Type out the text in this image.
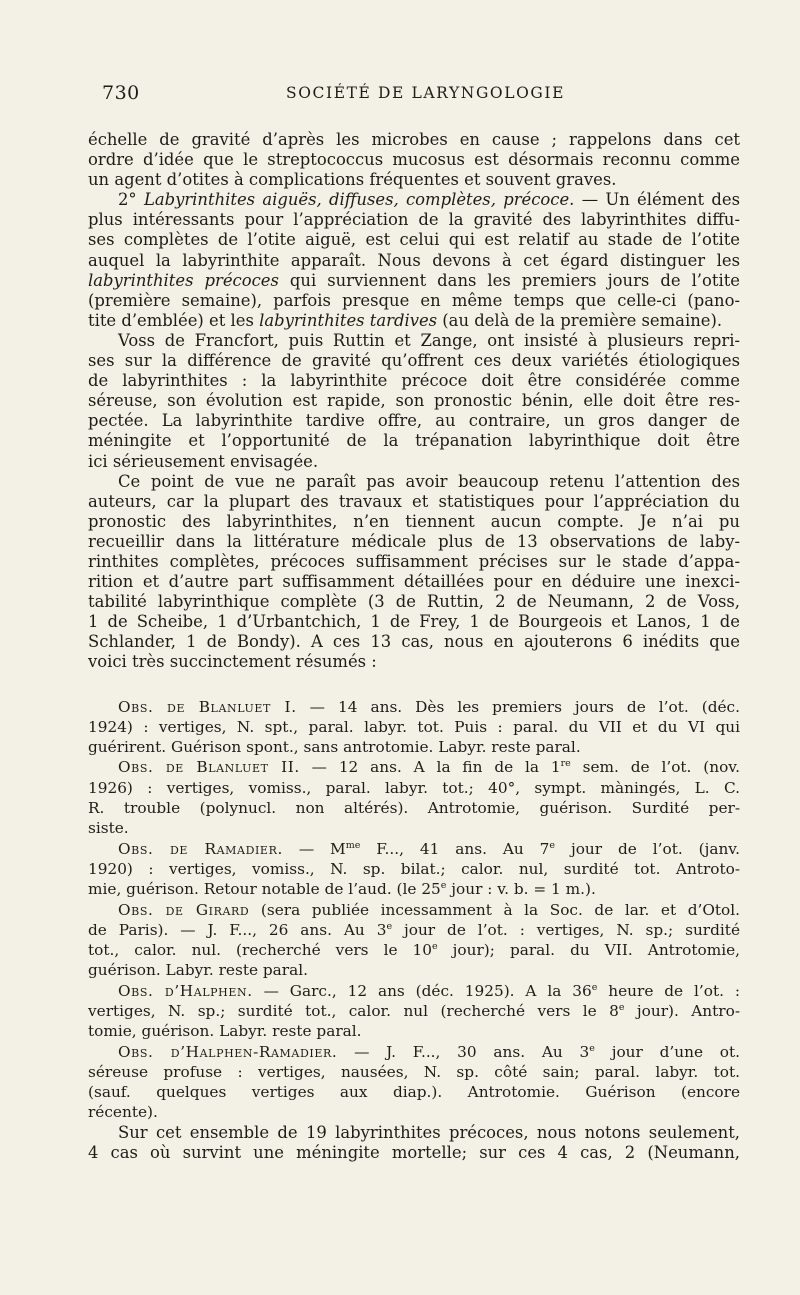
730	SOCIÉTÉ DE LARYNGOLOGIE

échelle de gravité d’après les microbes en cause ; rappelons dans cet
ordre d’idée que le streptococcus mucosus est désormais reconnu comme
un agent d’otites à complications fréquentes et souvent graves.

2° Labyrinthites aiguës, diffuses, complètes, précoce. — Un élément des
plus intéressants pour l’appréciation de la gravité des labyrinthites diffu-
ses complètes de l’otite aiguë, est celui qui est relatif au stade de l’otite
auquel la labyrinthite apparaît. Nous devons à cet égard distinguer les
labyrinthites précoces qui surviennent dans les premiers jours de l’otite
(première semaine), parfois presque en même temps que celle-ci (pano-
tite d’emblée) et les labyrinthites tardives (au delà de la première semaine).

Voss de Francfort, puis Ruttin et Zange, ont insisté à plusieurs repri-
ses sur la différence de gravité qu’offrent ces deux variétés étiologiques
de labyrinthites : la labyrinthite précoce doit être considérée comme
séreuse, son évolution est rapide, son pronostic bénin, elle doit être res-
pectée. La labyrinthite tardive offre, au contraire, un gros danger de
méningite et l’opportunité de la trépanation labyrinthique doit être
ici sérieusement envisagée.

Ce point de vue ne paraît pas avoir beaucoup retenu l’attention des
auteurs, car la plupart des travaux et statistiques pour l’appréciation du
pronostic des labyrinthites, n’en tiennent aucun compte. Je n’ai pu
recueillir dans la littérature médicale plus de 13 observations de laby-
rinthites complètes, précoces suffisamment précises sur le stade d’appa-
rition et d’autre part suffisamment détaillées pour en déduire une inexci-
tabilité labyrinthique complète (3 de Ruttin, 2 de Neumann, 2 de Voss,
1 de Scheibe, 1 d’Urbantchich, 1 de Frey, 1 de Bourgeois et Lanos, 1 de
Schlander, 1 de Bondy). A ces 13 cas, nous en ajouterons 6 inédits que
voici très succinctement résumés :

Obs. de Blanluet I. — 14 ans. Dès les premiers jours de l’ot. (déc.
1924) : vertiges, N. spt., paral. labyr. tot. Puis : paral. du VII et du VI qui
guérirent. Guérison spont., sans antrotomie. Labyr. reste paral.

Obs. de Blanluet II. — 12 ans. A la fin de la 1re sem. de l’ot. (nov.
1926) : vertiges, vomiss., paral. labyr. tot.; 40°, sympt. màningés, L. C.
R. trouble (polynucl. non altérés). Antrotomie, guérison. Surdité per-
siste.

Obs. de Ramadier. — $M^{me}$ F..., 41 ans. Au 7e jour de l’ot. (janv.
1920) : vertiges, vomiss., N. sp. bilat.; calor. nul, surdité tot. Antroto-
mie, guérison. Retour notable de l’aud. (le 25e jour : v. b. = 1 m.).

Obs. de Girard (sera publiée incessamment à la Soc. de lar. et d’Otol.
de Paris). — J. F..., 26 ans. Au 3e jour de l’ot. : vertiges, N. sp.; surdité
tot., calor. nul. (recherché vers le 10e jour); paral. du VII. Antrotomie,
guérison. Labyr. reste paral.

Obs. d’Halphen. — Garc., 12 ans (déc. 1925). A la 36e heure de l’ot. :
vertiges, N. sp.; surdité tot., calor. nul (recherché vers le 8e jour). Antro-
tomie, guérison. Labyr. reste paral.

Obs. d’Halphen-Ramadier. — J. F..., 30 ans. Au 3e jour d’une ot.
séreuse profuse : vertiges, nausées, N. sp. côté sain; paral. labyr. tot.
(sauf. quelques vertiges aux diap.). Antrotomie. Guérison (encore
récente).

Sur cet ensemble de 19 labyrinthites précoces, nous notons seulement,
4 cas où survint une méningite mortelle; sur ces 4 cas, 2 (Neumann,
